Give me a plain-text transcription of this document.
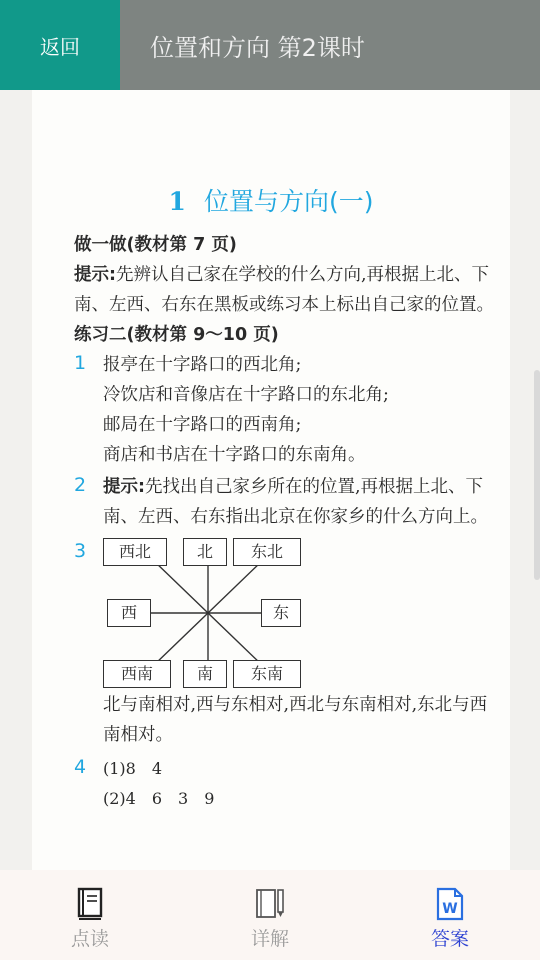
返回	位置和方向 第2课时
1 位置与方向(一)
做一做(教材第 7 页)
提示:先辨认自己家在学校的什么方向,再根据上北、下南、左西、右东在黑板或练习本上标出自己家的位置。
练习二(教材第 9～10 页)
1 报亭在十字路口的西北角;
冷饮店和音像店在十字路口的东北角;
邮局在十字路口的西南角;
商店和书店在十字路口的东南角。
2 提示:先找出自己家乡所在的位置,再根据上北、下南、左西、右东指出北京在你家乡的什么方向上。
3	西北	北	东北
西	东
西南	南	东南
北与南相对,西与东相对,西北与东南相对,东北与西南相对。
4 (1)8　4
(2)4　6　3　9
点读	详解
W
答案
